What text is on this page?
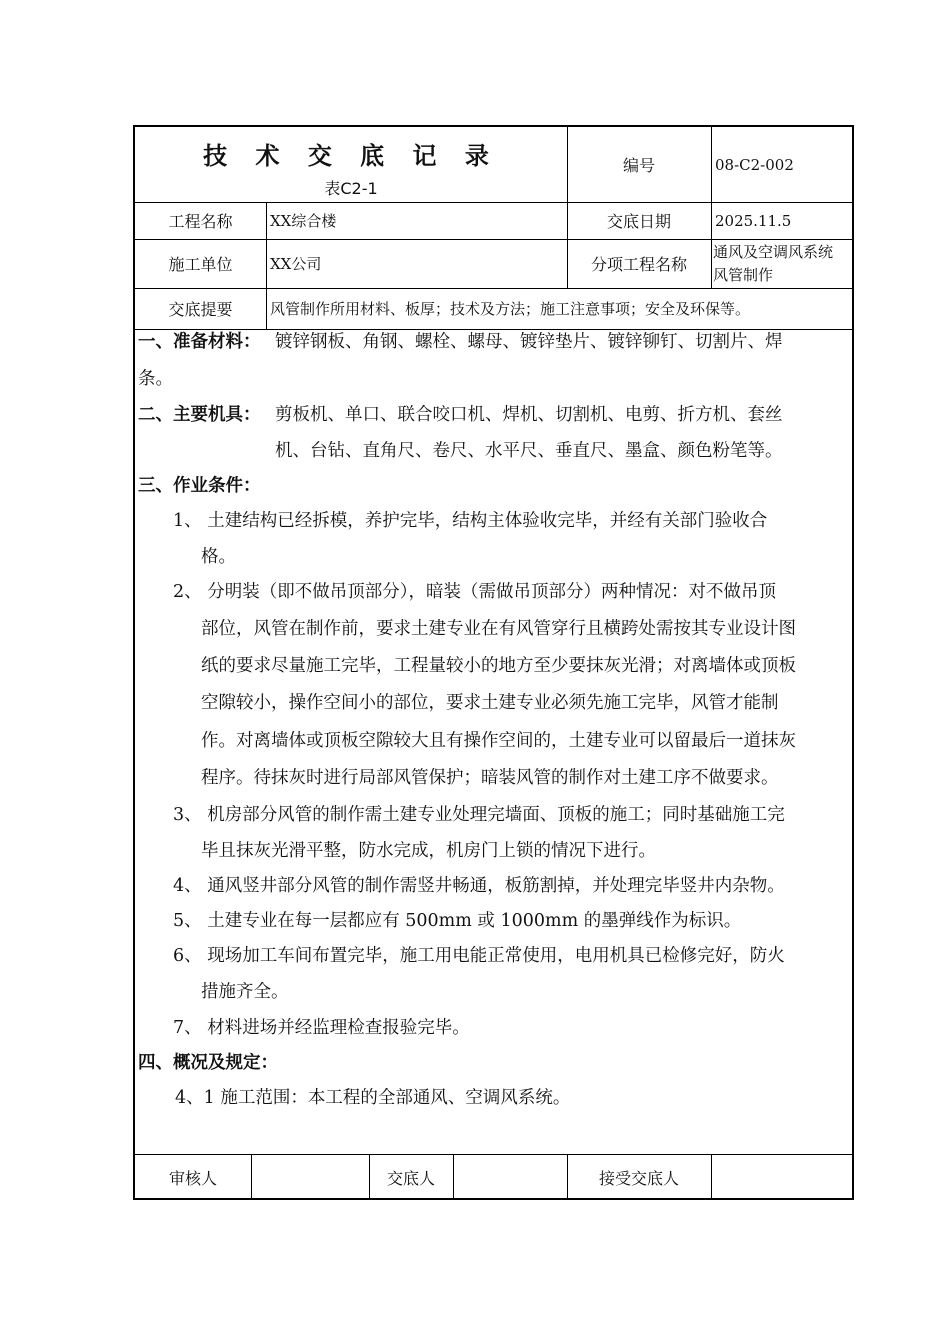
技 术 交 底 记 录
表C2-1
编号	08-C2-002
工程名称	XX综合楼	交底日期	2025.11.5
施工单位	XX公司	分项工程名称
通风及空调风系统
风管制作
交底提要	风管制作所用材料、板厚；技术及方法；施工注意事项；安全及环保等。
一、准备材料： 镀锌钢板、角钢、螺栓、螺母、镀锌垫片、镀锌铆钉、切割片、焊
条。
二、主要机具： 剪板机、单口、联合咬口机、焊机、切割机、电剪、折方机、套丝
机、台钻、直角尺、卷尺、水平尺、垂直尺、墨盒、颜色粉笔等。
三、作业条件：
1、 土建结构已经拆模，养护完毕，结构主体验收完毕，并经有关部门验收合
格。
2、 分明装（即不做吊顶部分），暗装（需做吊顶部分）两种情况：对不做吊顶
部位，风管在制作前，要求土建专业在有风管穿行且横跨处需按其专业设计图
纸的要求尽量施工完毕，工程量较小的地方至少要抹灰光滑；对离墙体或顶板
空隙较小，操作空间小的部位，要求土建专业必须先施工完毕，风管才能制
作。对离墙体或顶板空隙较大且有操作空间的，土建专业可以留最后一道抹灰
程序。待抹灰时进行局部风管保护；暗装风管的制作对土建工序不做要求。
3、 机房部分风管的制作需土建专业处理完墙面、顶板的施工；同时基础施工完
毕且抹灰光滑平整，防水完成，机房门上锁的情况下进行。
4、 通风竖井部分风管的制作需竖井畅通，板筋割掉，并处理完毕竖井内杂物。
5、 土建专业在每一层都应有 500mm 或 1000mm 的墨弹线作为标识。
6、 现场加工车间布置完毕，施工用电能正常使用，电用机具已检修完好，防火
措施齐全。
7、 材料进场并经监理检查报验完毕。
四、概况及规定：
4、1 施工范围：本工程的全部通风、空调风系统。
审核人	交底人	接受交底人
